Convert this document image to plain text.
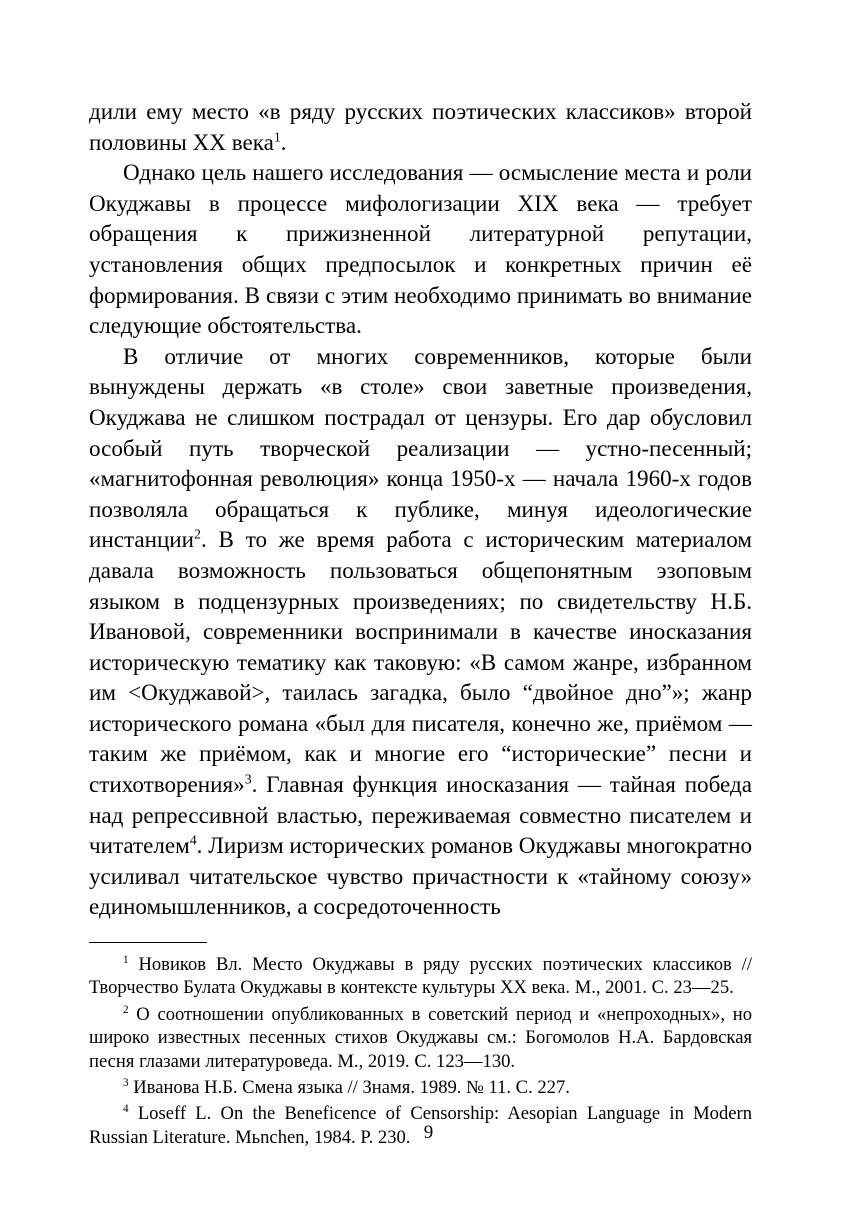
дили ему место «в ряду русских поэтических классиков» второй половины XX века$^1$.

Однако цель нашего исследования — осмысление места и роли Окуджавы в процессе мифологизации XIX века — требует обращения к прижизненной литературной репутации, установления общих предпосылок и конкретных причин её формирования. В связи с этим необходимо принимать во внимание следующие обстоятельства.

В отличие от многих современников, которые были вынуждены держать «в столе» свои заветные произведения, Окуджава не слишком пострадал от цензуры. Его дар обусловил особый путь творческой реализации — устно-песенный; «магнитофонная революция» конца 1950-х — начала 1960-х годов позволяла обращаться к публике, минуя идеологические инстанции$^2$. В то же время работа с историческим материалом давала возможность пользоваться общепонятным эзоповым языком в подцензурных произведениях; по свидетельству Н.Б. Ивановой, современники воспринимали в качестве иносказания историческую тематику как таковую: «В самом жанре, избранном им <Окуджавой>, таилась загадка, было “двойное дно”»; жанр исторического романа «был для писателя, конечно же, приёмом — таким же приёмом, как и многие его “исторические” песни и стихотворения»$^3$. Главная функция иносказания — тайная победа над репрессивной властью, переживаемая совместно писателем и читателем$^4$. Лиризм исторических романов Окуджавы многократно усиливал читательское чувство причастности к «тайному союзу» единомышленников, а сосредоточенность

$^1$ Новиков Вл. Место Окуджавы в ряду русских поэтических классиков // Творчество Булата Окуджавы в контексте культуры XX века. М., 2001. С. 23—25.

$^2$ О соотношении опубликованных в советский период и «непроходных», но широко известных песенных стихов Окуджавы см.: Богомолов Н.А. Бардовская песня глазами литературоведа. М., 2019. С. 123—130.

$^3$ Иванова Н.Б. Смена языка // Знамя. 1989. № 11. С. 227.

$^4$ Loseff L. On the Beneficence of Censorship: Aesopian Language in Modern Russian Literature. Mьnchen, 1984. P. 230. 9
